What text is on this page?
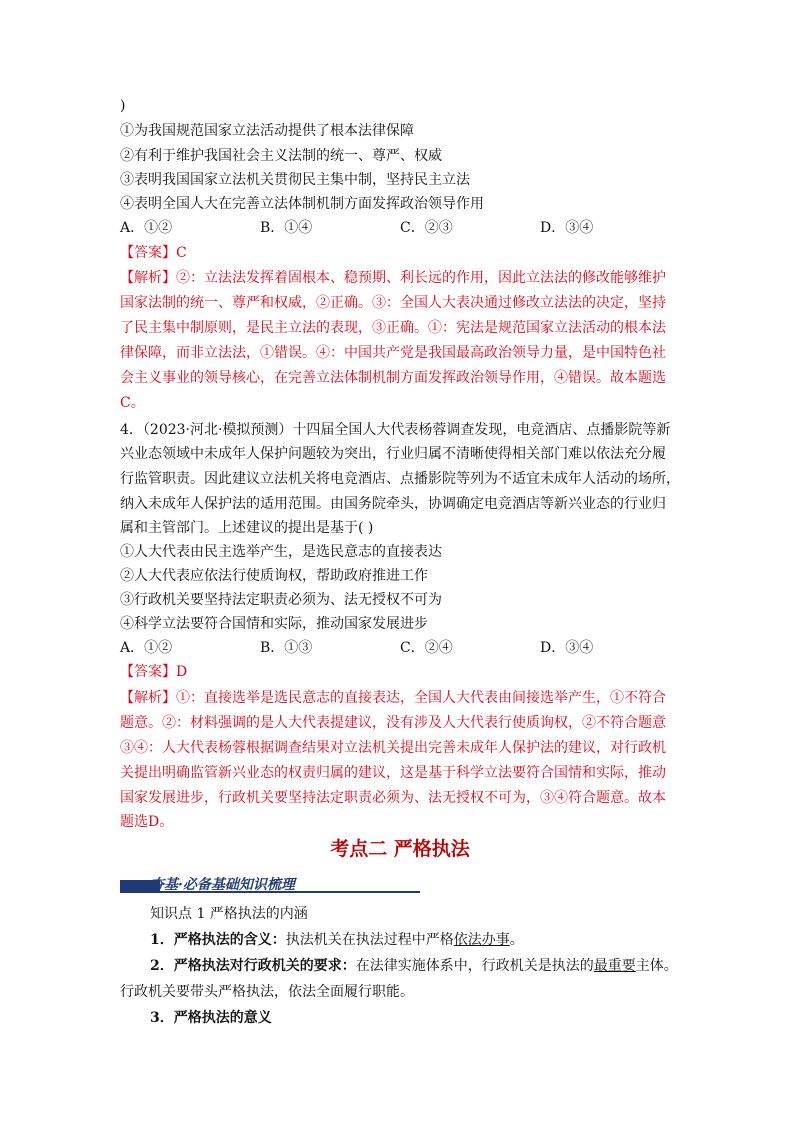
)
①为我国规范国家立法活动提供了根本法律保障
②有利于维护我国社会主义法制的统一、尊严、权威
③表明我国国家立法机关贯彻民主集中制，坚持民主立法
④表明全国人大在完善立法体制机制方面发挥政治领导作用
A．①②	B．①④	C．②③	D．③④
【答案】C
【解析】②：立法法发挥着固根本、稳预期、利长远的作用，因此立法法的修改能够维护
国家法制的统一、尊严和权威，②正确。③：全国人大表决通过修改立法法的决定，坚持
了民主集中制原则，是民主立法的表现，③正确。①：宪法是规范国家立法活动的根本法
律保障，而非立法法，①错误。④：中国共产党是我国最高政治领导力量，是中国特色社
会主义事业的领导核心，在完善立法体制机制方面发挥政治领导作用，④错误。故本题选
C。
4．（2023·河北·模拟预测）十四届全国人大代表杨蓉调查发现，电竞酒店、点播影院等新
兴业态领域中未成年人保护问题较为突出，行业归属不清晰使得相关部门难以依法充分履
行监管职责。因此建议立法机关将电竞酒店、点播影院等列为不适宜未成年人活动的场所，
纳入未成年人保护法的适用范围。由国务院牵头，协调确定电竞酒店等新兴业态的行业归
属和主管部门。上述建议的提出是基于( )
①人大代表由民主选举产生，是选民意志的直接表达
②人大代表应依法行使质询权，帮助政府推进工作
③行政机关要坚持法定职责必须为、法无授权不可为
④科学立法要符合国情和实际，推动国家发展进步
A．①②	B．①③	C．②④	D．③④
【答案】D
【解析】①：直接选举是选民意志的直接表达，全国人大代表由间接选举产生，①不符合
题意。②：材料强调的是人大代表提建议，没有涉及人大代表行使质询权，②不符合题意
③④：人大代表杨蓉根据调查结果对立法机关提出完善未成年人保护法的建议，对行政机
关提出明确监管新兴业态的权责归属的建议，这是基于科学立法要符合国情和实际，推动
国家发展进步，行政机关要坚持法定职责必须为、法无授权不可为，③④符合题意。故本
题选D。
考点二 严格执法
夯基·必备基础知识梳理
知识点 1 严格执法的内涵
1．严格执法的含义：执法机关在执法过程中严格依法办事。
2．严格执法对行政机关的要求：在法律实施体系中，行政机关是执法的最重要主体。
行政机关要带头严格执法，依法全面履行职能。
3．严格执法的意义
